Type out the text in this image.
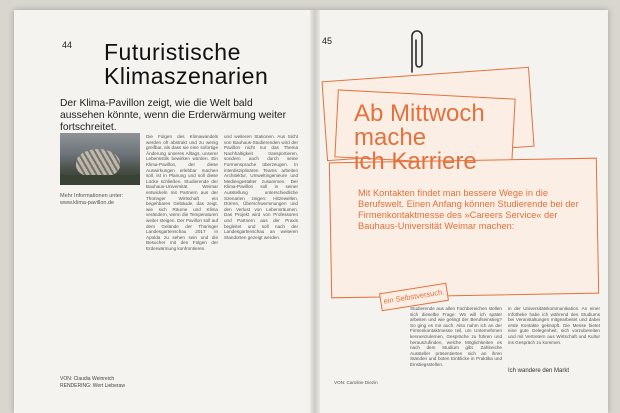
44 Futuristische
Klimaszenarien

Der Klima-Pavillon zeigt, wie die Welt bald aussehen könnte, wenn die Erderwärmung weiter fortschreitet.

Mehr Informationen unter: www.klima-pavillon.de
Die Folgen des Klimawandels werden oft abstrakt und zu wenig greifbar, als dass sie eine sofortige Änderung unseres Alltags, unserer Lebensstils bewirken würden. Ein Klima-Pavillon, der diese Auswirkungen erlebbar machen soll, ist in Planung und soll diese Lücke schließen. Studierende der Bauhaus-Universität Weimar entwickeln mit Partnern aus der Thüringer Wirtschaft ein begehbares Gebäude, das zeigt, wie sich Räume und Klima verändern, wenn die Temperaturen weiter steigen. Der Pavillon soll auf dem Gelände der Thüringer Landesgartenschau 2017 in Apolda zu sehen sein und die Besucher mit den Folgen der Erderwärmung konfrontieren.
und weiteren Stationen. Aus Sicht von Bauhaus-Studierenden wird der Pavillon nicht nur das Thema Nachhaltigkeit transportieren, sondern auch durch seine Formensprache überzeugen. In interdisziplinären Teams arbeiten Architektur, Umweltingenieure und Mediengestalter zusammen. Der Klima-Pavillon soll in seiner Ausstellung unterschiedliche Szenarien zeigen: Hitzewellen, Dürren, Überschwemmungen und den Verlust von Lebensräumen. Das Projekt wird von Professoren und Partnern aus der Praxis begleitet und soll nach der Landesgartenschau an weiteren Standorten gezeigt werden.
VON: Claudia Weinreich
RENDERING: Wert Lieberaw
45
Ab Mittwoch
mache
ich Karriere

Mit Kontakten findet man bessere Wege in die Berufswelt. Einen Anfang können Studierende bei der Firmenkontaktmesse des »Careers Service« der Bauhaus-Universität Weimar machen:

ein Selbstversuch.
Studierende aus allen Fachbereichen stellen sich dieselbe Frage: Wo will ich später arbeiten und wie gelingt der Berufseinstieg? So ging es mir auch. Also nahm ich an der Firmenkontaktmesse teil, um Unternehmen kennenzulernen, Gespräche zu führen und herauszufinden, welche Möglichkeiten es nach dem Studium gibt. Zahlreiche Aussteller präsentierten sich an ihren Ständen und boten Einblicke in Praktika und Einstiegsstellen.
in der Universitätskommunikation. An einer Infotheke habe ich während des Studiums bei Veranstaltungen mitgearbeitet und dabei erste Kontakte geknüpft. Die Messe bietet eine gute Gelegenheit, sich vorzubereiten und mit Vertretern aus Wirtschaft und Kultur ins Gespräch zu kommen.
VON: Caroline Diezin
Ich wandere den Markt
